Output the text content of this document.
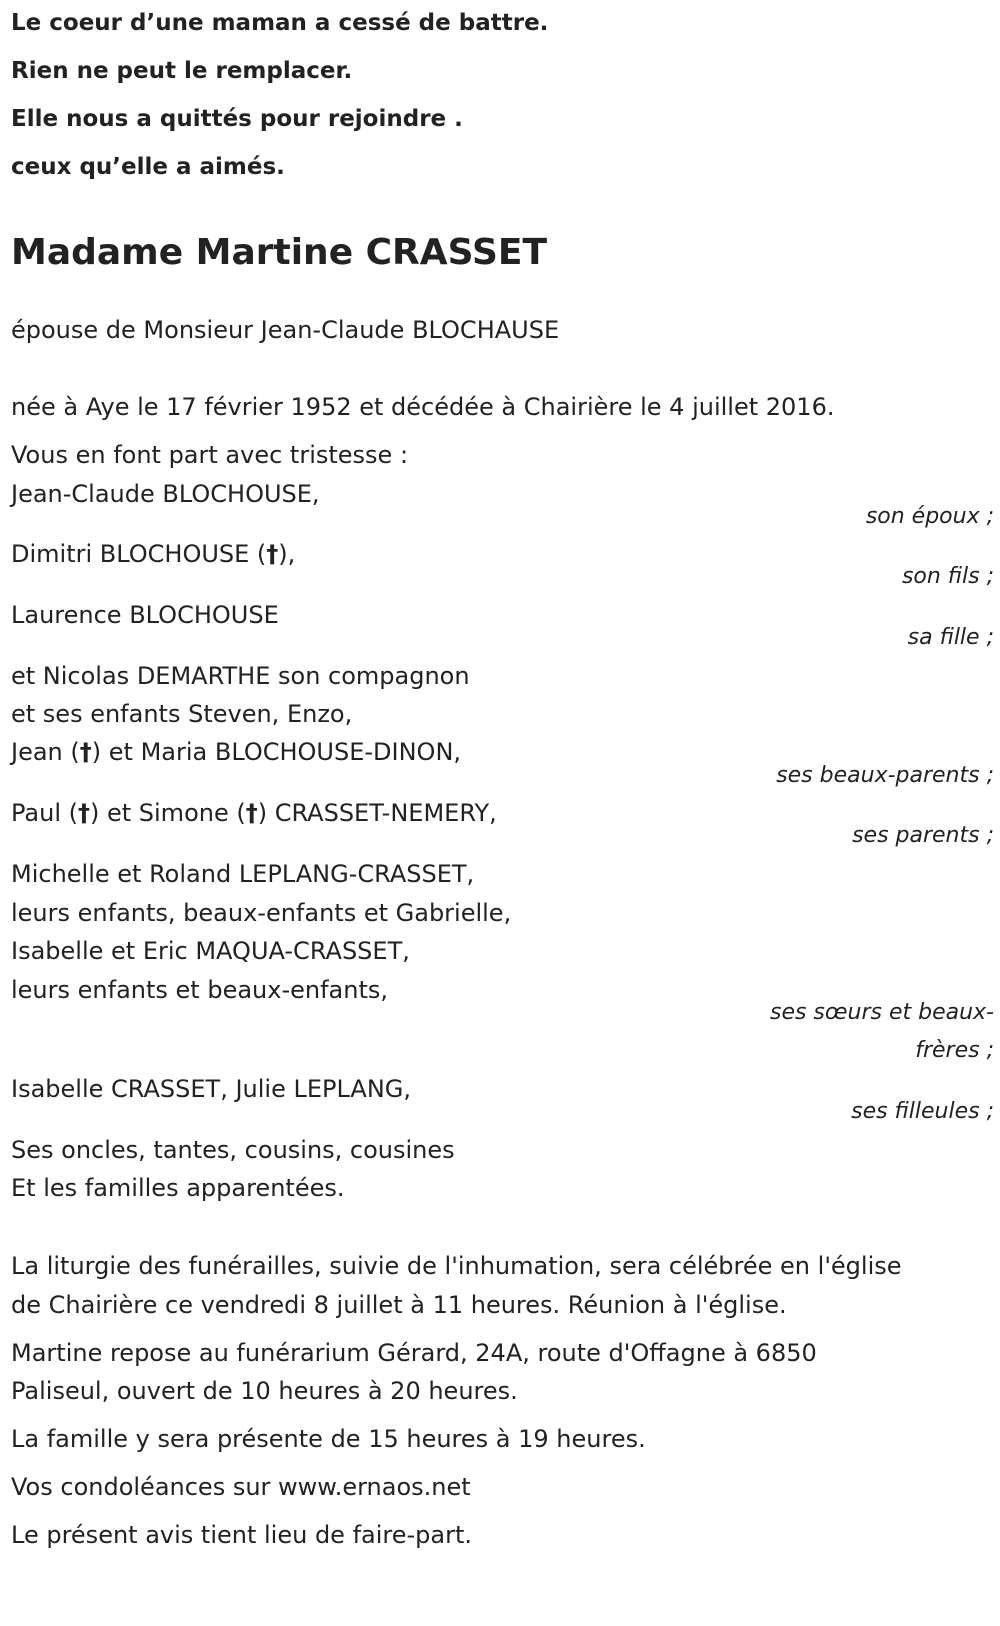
Le coeur d’une maman a cessé de battre.
Rien ne peut le remplacer.
Elle nous a quittés pour rejoindre .
ceux qu’elle a aimés.
Madame Martine CRASSET
épouse de Monsieur Jean-Claude BLOCHAUSE
née à Aye le 17 février 1952 et décédée à Chairière le 4 juillet 2016.
Vous en font part avec tristesse :
Jean-Claude BLOCHOUSE,
son époux ;
Dimitri BLOCHOUSE (†),
son fils ;
Laurence BLOCHOUSE
sa fille ;
et Nicolas DEMARTHE son compagnon
et ses enfants Steven, Enzo,
Jean (†) et Maria BLOCHOUSE-DINON,
ses beaux-parents ;
Paul (†) et Simone (†) CRASSET-NEMERY,
ses parents ;
Michelle et Roland LEPLANG-CRASSET,
leurs enfants, beaux-enfants et Gabrielle,
Isabelle et Eric MAQUA-CRASSET,
leurs enfants et beaux-enfants,
ses sœurs et beaux-
frères ;
Isabelle CRASSET, Julie LEPLANG,
ses filleules ;
Ses oncles, tantes, cousins, cousines
Et les familles apparentées.
La liturgie des funérailles, suivie de l'inhumation, sera célébrée en l'église
de Chairière ce vendredi 8 juillet à 11 heures. Réunion à l'église.
Martine repose au funérarium Gérard, 24A, route d'Offagne à 6850
Paliseul, ouvert de 10 heures à 20 heures.
La famille y sera présente de 15 heures à 19 heures.
Vos condoléances sur www.ernaos.net
Le présent avis tient lieu de faire-part.
